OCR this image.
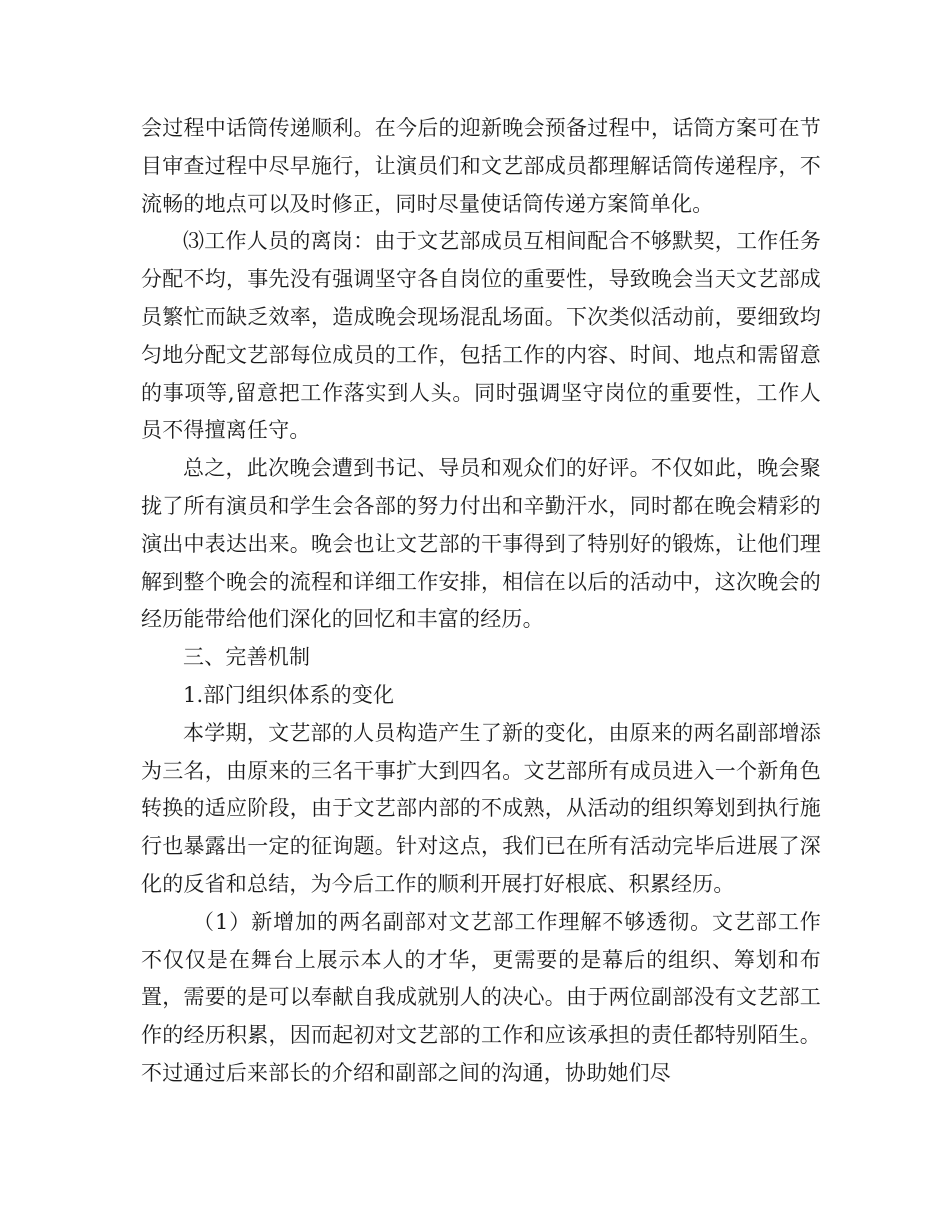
会过程中话筒传递顺利。在今后的迎新晚会预备过程中，话筒方案可在节目审查过程中尽早施行，让演员们和文艺部成员都理解话筒传递程序，不流畅的地点可以及时修正，同时尽量使话筒传递方案简单化。

⑶工作人员的离岗：由于文艺部成员互相间配合不够默契，工作任务分配不均，事先没有强调坚守各自岗位的重要性，导致晚会当天文艺部成员繁忙而缺乏效率，造成晚会现场混乱场面。下次类似活动前，要细致均匀地分配文艺部每位成员的工作，包括工作的内容、时间、地点和需留意的事项等,留意把工作落实到人头。同时强调坚守岗位的重要性，工作人员不得擅离任守。

总之，此次晚会遭到书记、导员和观众们的好评。不仅如此，晚会聚拢了所有演员和学生会各部的努力付出和辛勤汗水，同时都在晚会精彩的演出中表达出来。晚会也让文艺部的干事得到了特别好的锻炼，让他们理解到整个晚会的流程和详细工作安排，相信在以后的活动中，这次晚会的经历能带给他们深化的回忆和丰富的经历。

三、完善机制

1.部门组织体系的变化

本学期，文艺部的人员构造产生了新的变化，由原来的两名副部增添为三名，由原来的三名干事扩大到四名。文艺部所有成员进入一个新角色转换的适应阶段，由于文艺部内部的不成熟，从活动的组织筹划到执行施行也暴露出一定的征询题。针对这点，我们已在所有活动完毕后进展了深化的反省和总结，为今后工作的顺利开展打好根底、积累经历。

（1）新增加的两名副部对文艺部工作理解不够透彻。文艺部工作不仅仅是在舞台上展示本人的才华，更需要的是幕后的组织、筹划和布置，需要的是可以奉献自我成就别人的决心。由于两位副部没有文艺部工作的经历积累，因而起初对文艺部的工作和应该承担的责任都特别陌生。不过通过后来部长的介绍和副部之间的沟通，协助她们尽
